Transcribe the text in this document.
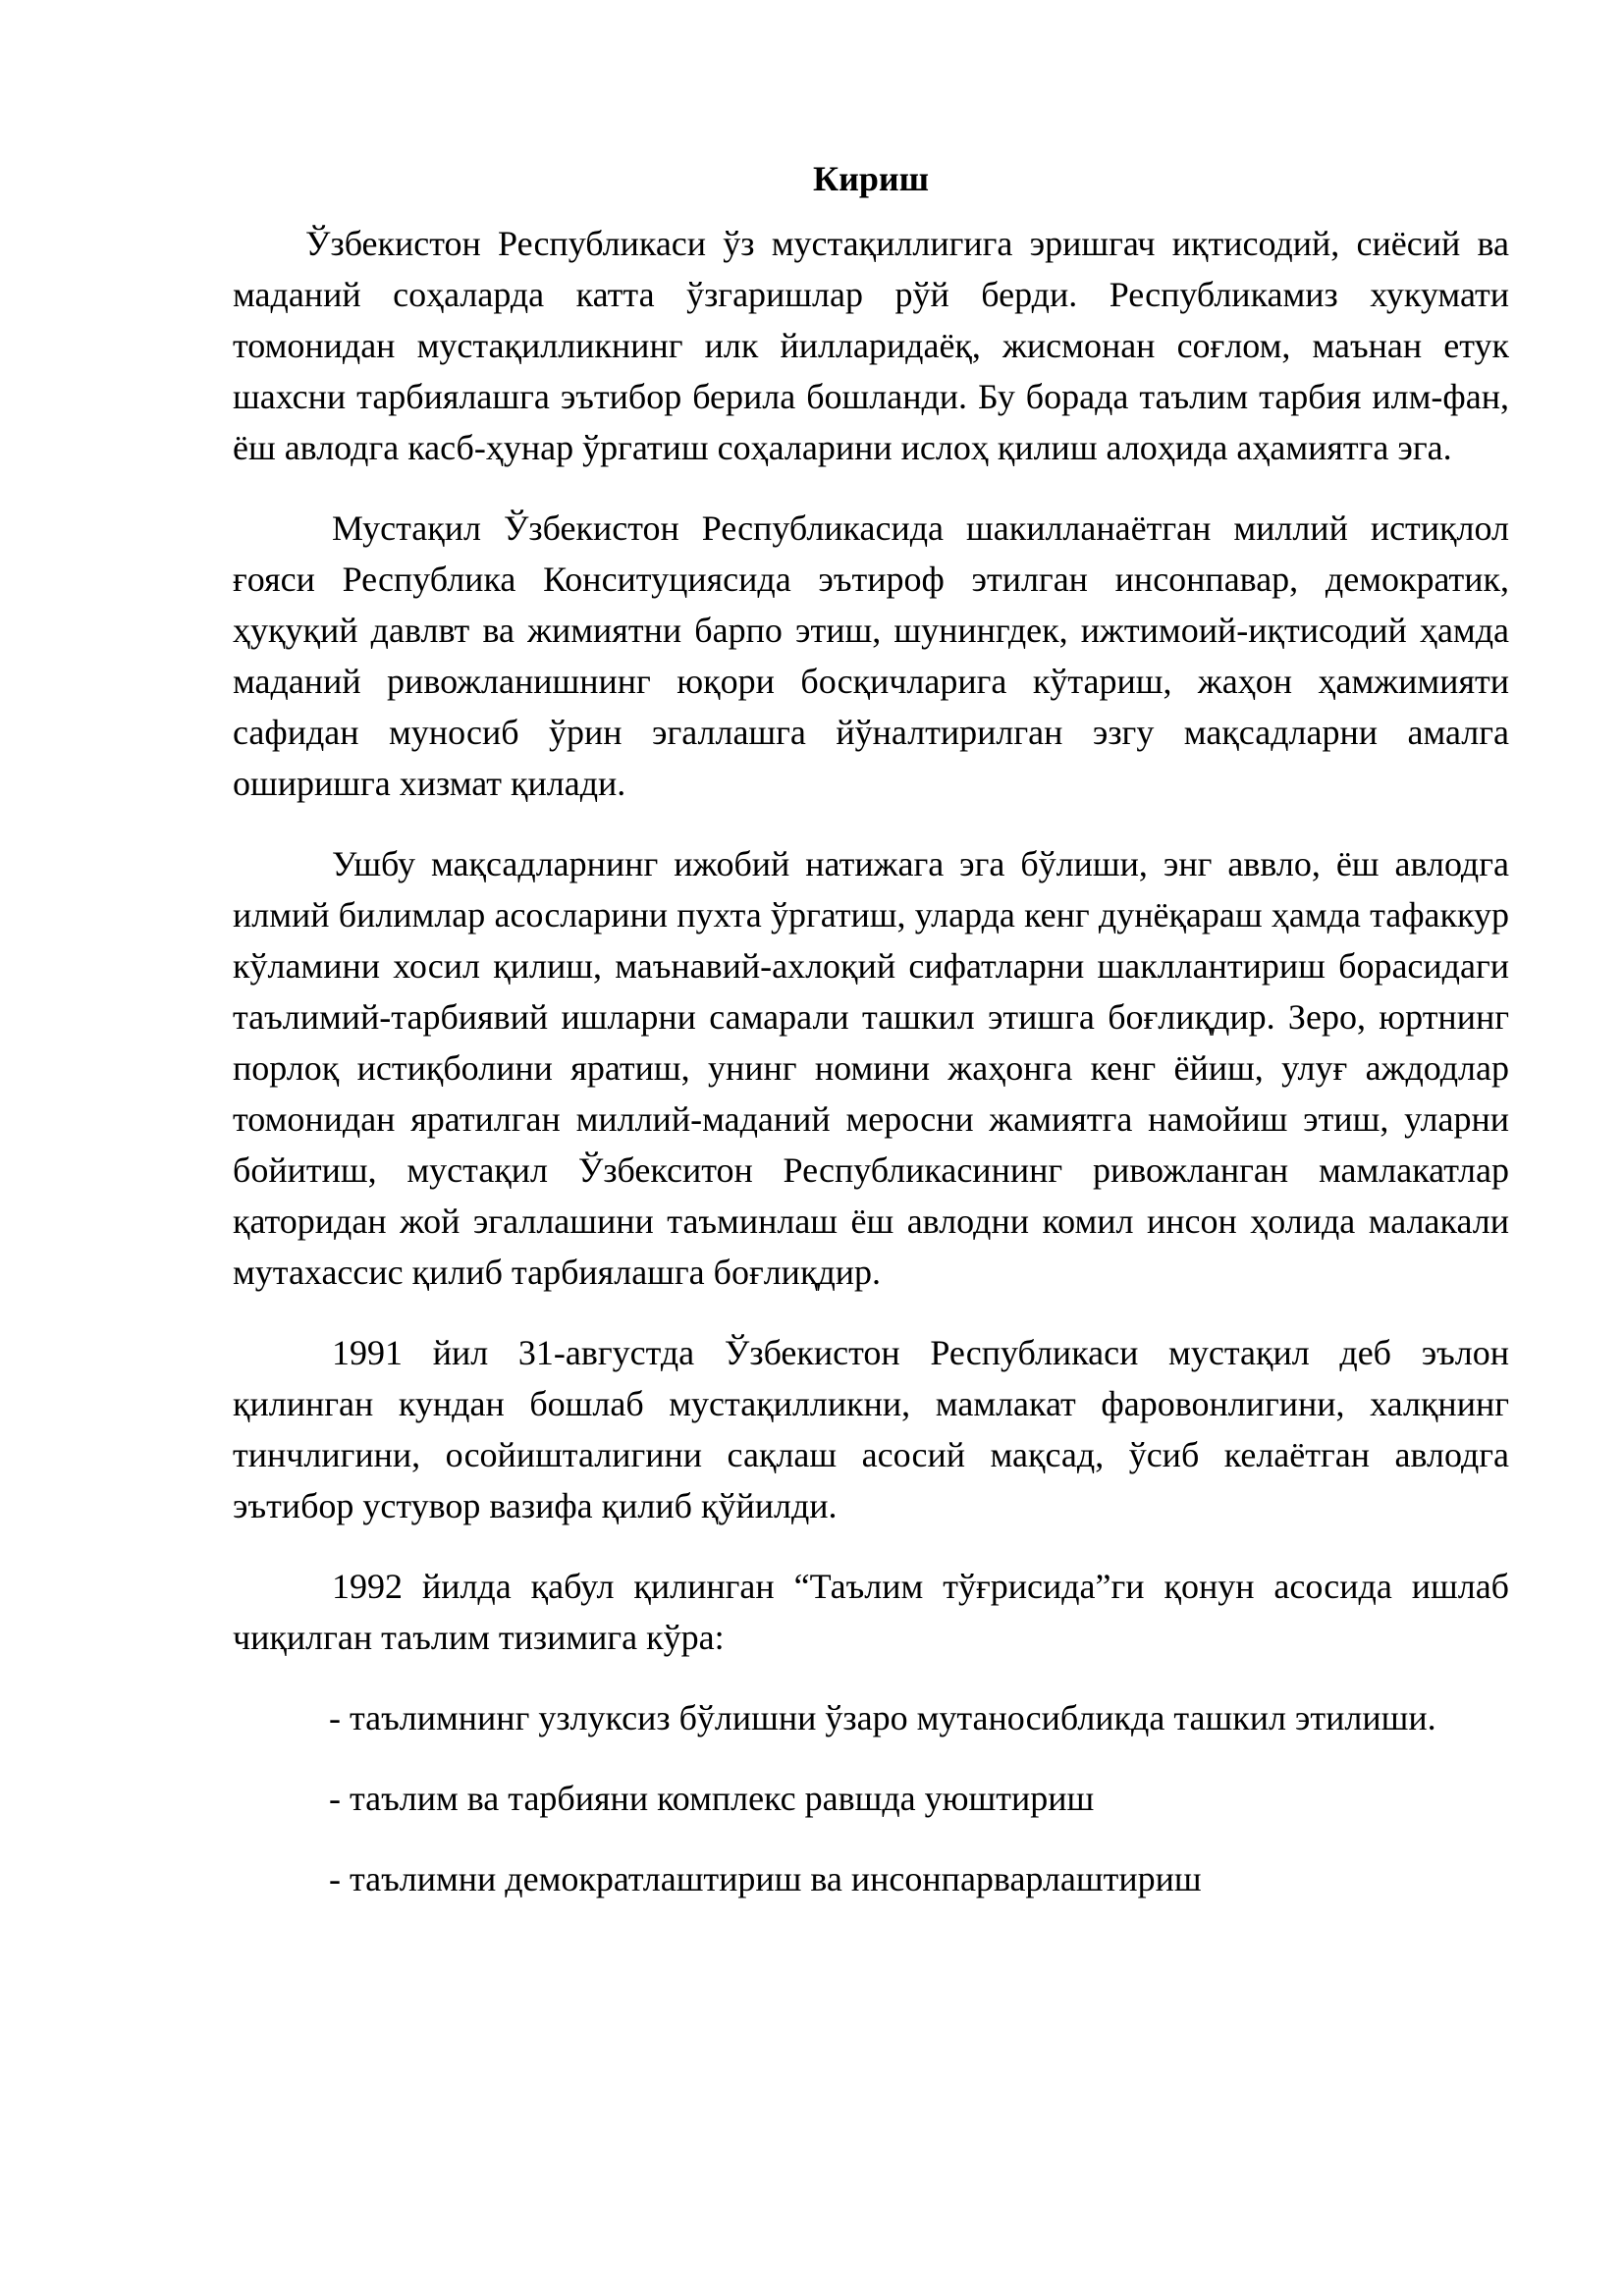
Кириш

Ўзбекистон Республикаси ўз мустақиллигига эришгач иқтисодий, сиёсий ва маданий соҳаларда катта ўзгаришлар рўй берди. Республикамиз хукумати томонидан мустақилликнинг илк йилларидаёқ, жисмонан соғлом, маънан етук шахсни тарбиялашга эътибор берила бошланди. Бу борада таълим тарбия илм-фан, ёш авлодга касб-ҳунар ўргатиш соҳаларини ислоҳ қилиш алоҳида аҳамиятга эга.

Мустақил Ўзбекистон Республикасида шакилланаётган миллий истиқлол ғояси Республика Конситуциясида эътироф этилган инсонпавар, демократик, ҳуқуқий давлвт ва жимиятни барпо этиш, шунингдек, ижтимоий-иқтисодий ҳамда маданий ривожланишнинг юқори босқичларига кўтариш, жаҳон ҳамжимияти сафидан муносиб ўрин эгаллашга йўналтирилган эзгу мақсадларни амалга оширишга хизмат қилади.

Ушбу мақсадларнинг ижобий натижага эга бўлиши, энг аввло, ёш авлодга илмий билимлар асосларини пухта ўргатиш, уларда кенг дунёқараш ҳамда тафаккур кўламини хосил қилиш, маънавий-ахлоқий сифатларни шакллантириш борасидаги таълимий-тарбиявий ишларни самарали ташкил этишга боғлиқдир. Зеро, юртнинг порлоқ истиқболини яратиш, унинг номини жаҳонга кенг ёйиш, улуғ аждодлар томонидан яратилган миллий-маданий меросни жамиятга намойиш этиш, уларни бойитиш, мустақил Ўзбекситон Республикасининг ривожланган мамлакатлар қаторидан жой эгаллашини таъминлаш ёш авлодни комил инсон ҳолида малакали мутахассис қилиб тарбиялашга боғлиқдир.

1991 йил 31-августда Ўзбекистон Республикаси мустақил деб эълон қилинган кундан бошлаб мустақилликни, мамлакат фаровонлигини, халқнинг тинчлигини, осойишталигини сақлаш асосий мақсад, ўсиб келаётган авлодга эътибор устувор вазифа қилиб қўйилди.

1992 йилда қабул қилинган “Таълим тўғрисида”ги қонун асосида ишлаб чиқилган таълим тизимига кўра:

- таълимнинг узлуксиз бўлишни ўзаро мутаносибликда ташкил этилиши.

- таълим ва тарбияни комплекс равшда уюштириш

- таълимни демократлаштириш ва инсонпарварлаштириш
